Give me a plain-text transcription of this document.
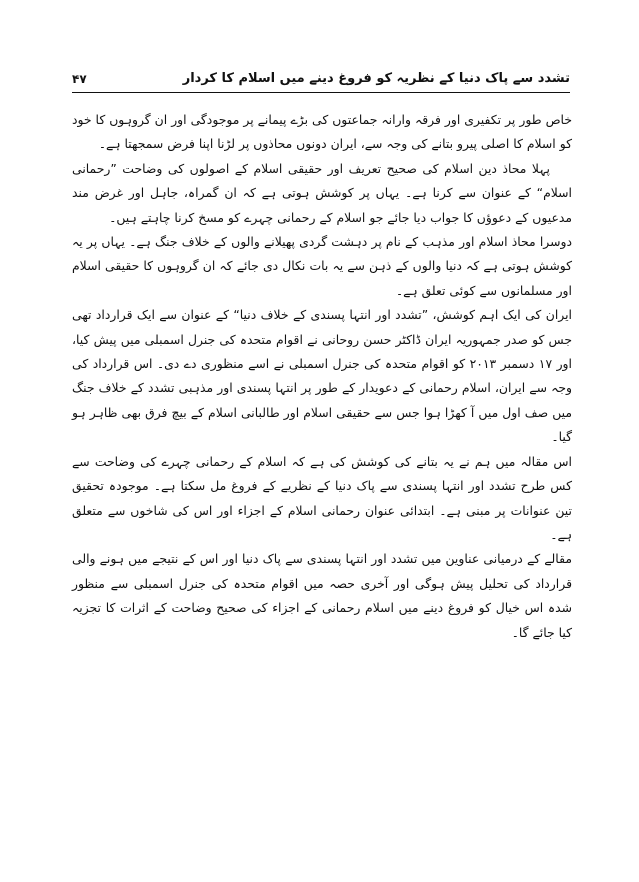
تشدد سے پاک دنیا کے نظریہ کو فروغ دینے میں اسلام کا کردار
۴۷

خاص طور پر تکفیری اور فرقہ وارانہ جماعتوں کی بڑے پیمانے پر موجودگی اور ان گروہوں کا خود کو اسلام کا اصلی پیرو بتانے کی وجہ سے، ایران دونوں محاذوں پر لڑنا اپنا فرض سمجھتا ہے۔

پہلا محاذ دین اسلام کی صحیح تعریف اور حقیقی اسلام کے اصولوں کی وضاحت ”رحمانی اسلام“ کے عنوان سے کرنا ہے۔ یہاں پر کوشش ہوتی ہے کہ ان گمراہ، جاہل اور غرض مند مدعیوں کے دعوؤں کا جواب دیا جائے جو اسلام کے رحمانی چہرے کو مسخ کرنا چاہتے ہیں۔

دوسرا محاذ اسلام اور مذہب کے نام پر دہشت گردی پھیلانے والوں کے خلاف جنگ ہے۔ یہاں پر یہ کوشش ہوتی ہے کہ دنیا والوں کے ذہن سے یہ بات نکال دی جائے کہ ان گروہوں کا حقیقی اسلام اور مسلمانوں سے کوئی تعلق ہے۔

ایران کی ایک اہم کوشش، ”تشدد اور انتہا پسندی کے خلاف دنیا“ کے عنوان سے ایک قرارداد تھی جس کو صدر جمہوریہ ایران ڈاکٹر حسن روحانی نے اقوام متحدہ کی جنرل اسمبلی میں پیش کیا، اور ۱۷ دسمبر ۲۰۱۳ کو اقوام متحدہ کی جنرل اسمبلی نے اسے منظوری دے دی۔ اس قرارداد کی وجہ سے ایران، اسلام رحمانی کے دعویدار کے طور پر انتہا پسندی اور مذہبی تشدد کے خلاف جنگ میں صف اول میں آ کھڑا ہوا جس سے حقیقی اسلام اور طالبانی اسلام کے بیچ فرق بھی ظاہر ہو گیا۔

اس مقالہ میں ہم نے یہ بتانے کی کوشش کی ہے کہ اسلام کے رحمانی چہرے کی وضاحت سے کس طرح تشدد اور انتہا پسندی سے پاک دنیا کے نظریے کے فروغ مل سکتا ہے۔ موجودہ تحقیق تین عنوانات پر مبنی ہے۔ ابتدائی عنوان رحمانی اسلام کے اجزاء اور اس کی شاخوں سے متعلق ہے۔

مقالے کے درمیانی عناوین میں تشدد اور انتہا پسندی سے پاک دنیا اور اس کے نتیجے میں ہونے والی قرارداد کی تحلیل پیش ہوگی اور آخری حصہ میں اقوام متحدہ کی جنرل اسمبلی سے منظور شدہ اس خیال کو فروغ دینے میں اسلام رحمانی کے اجزاء کی صحیح وضاحت کے اثرات کا تجزیہ کیا جائے گا۔
